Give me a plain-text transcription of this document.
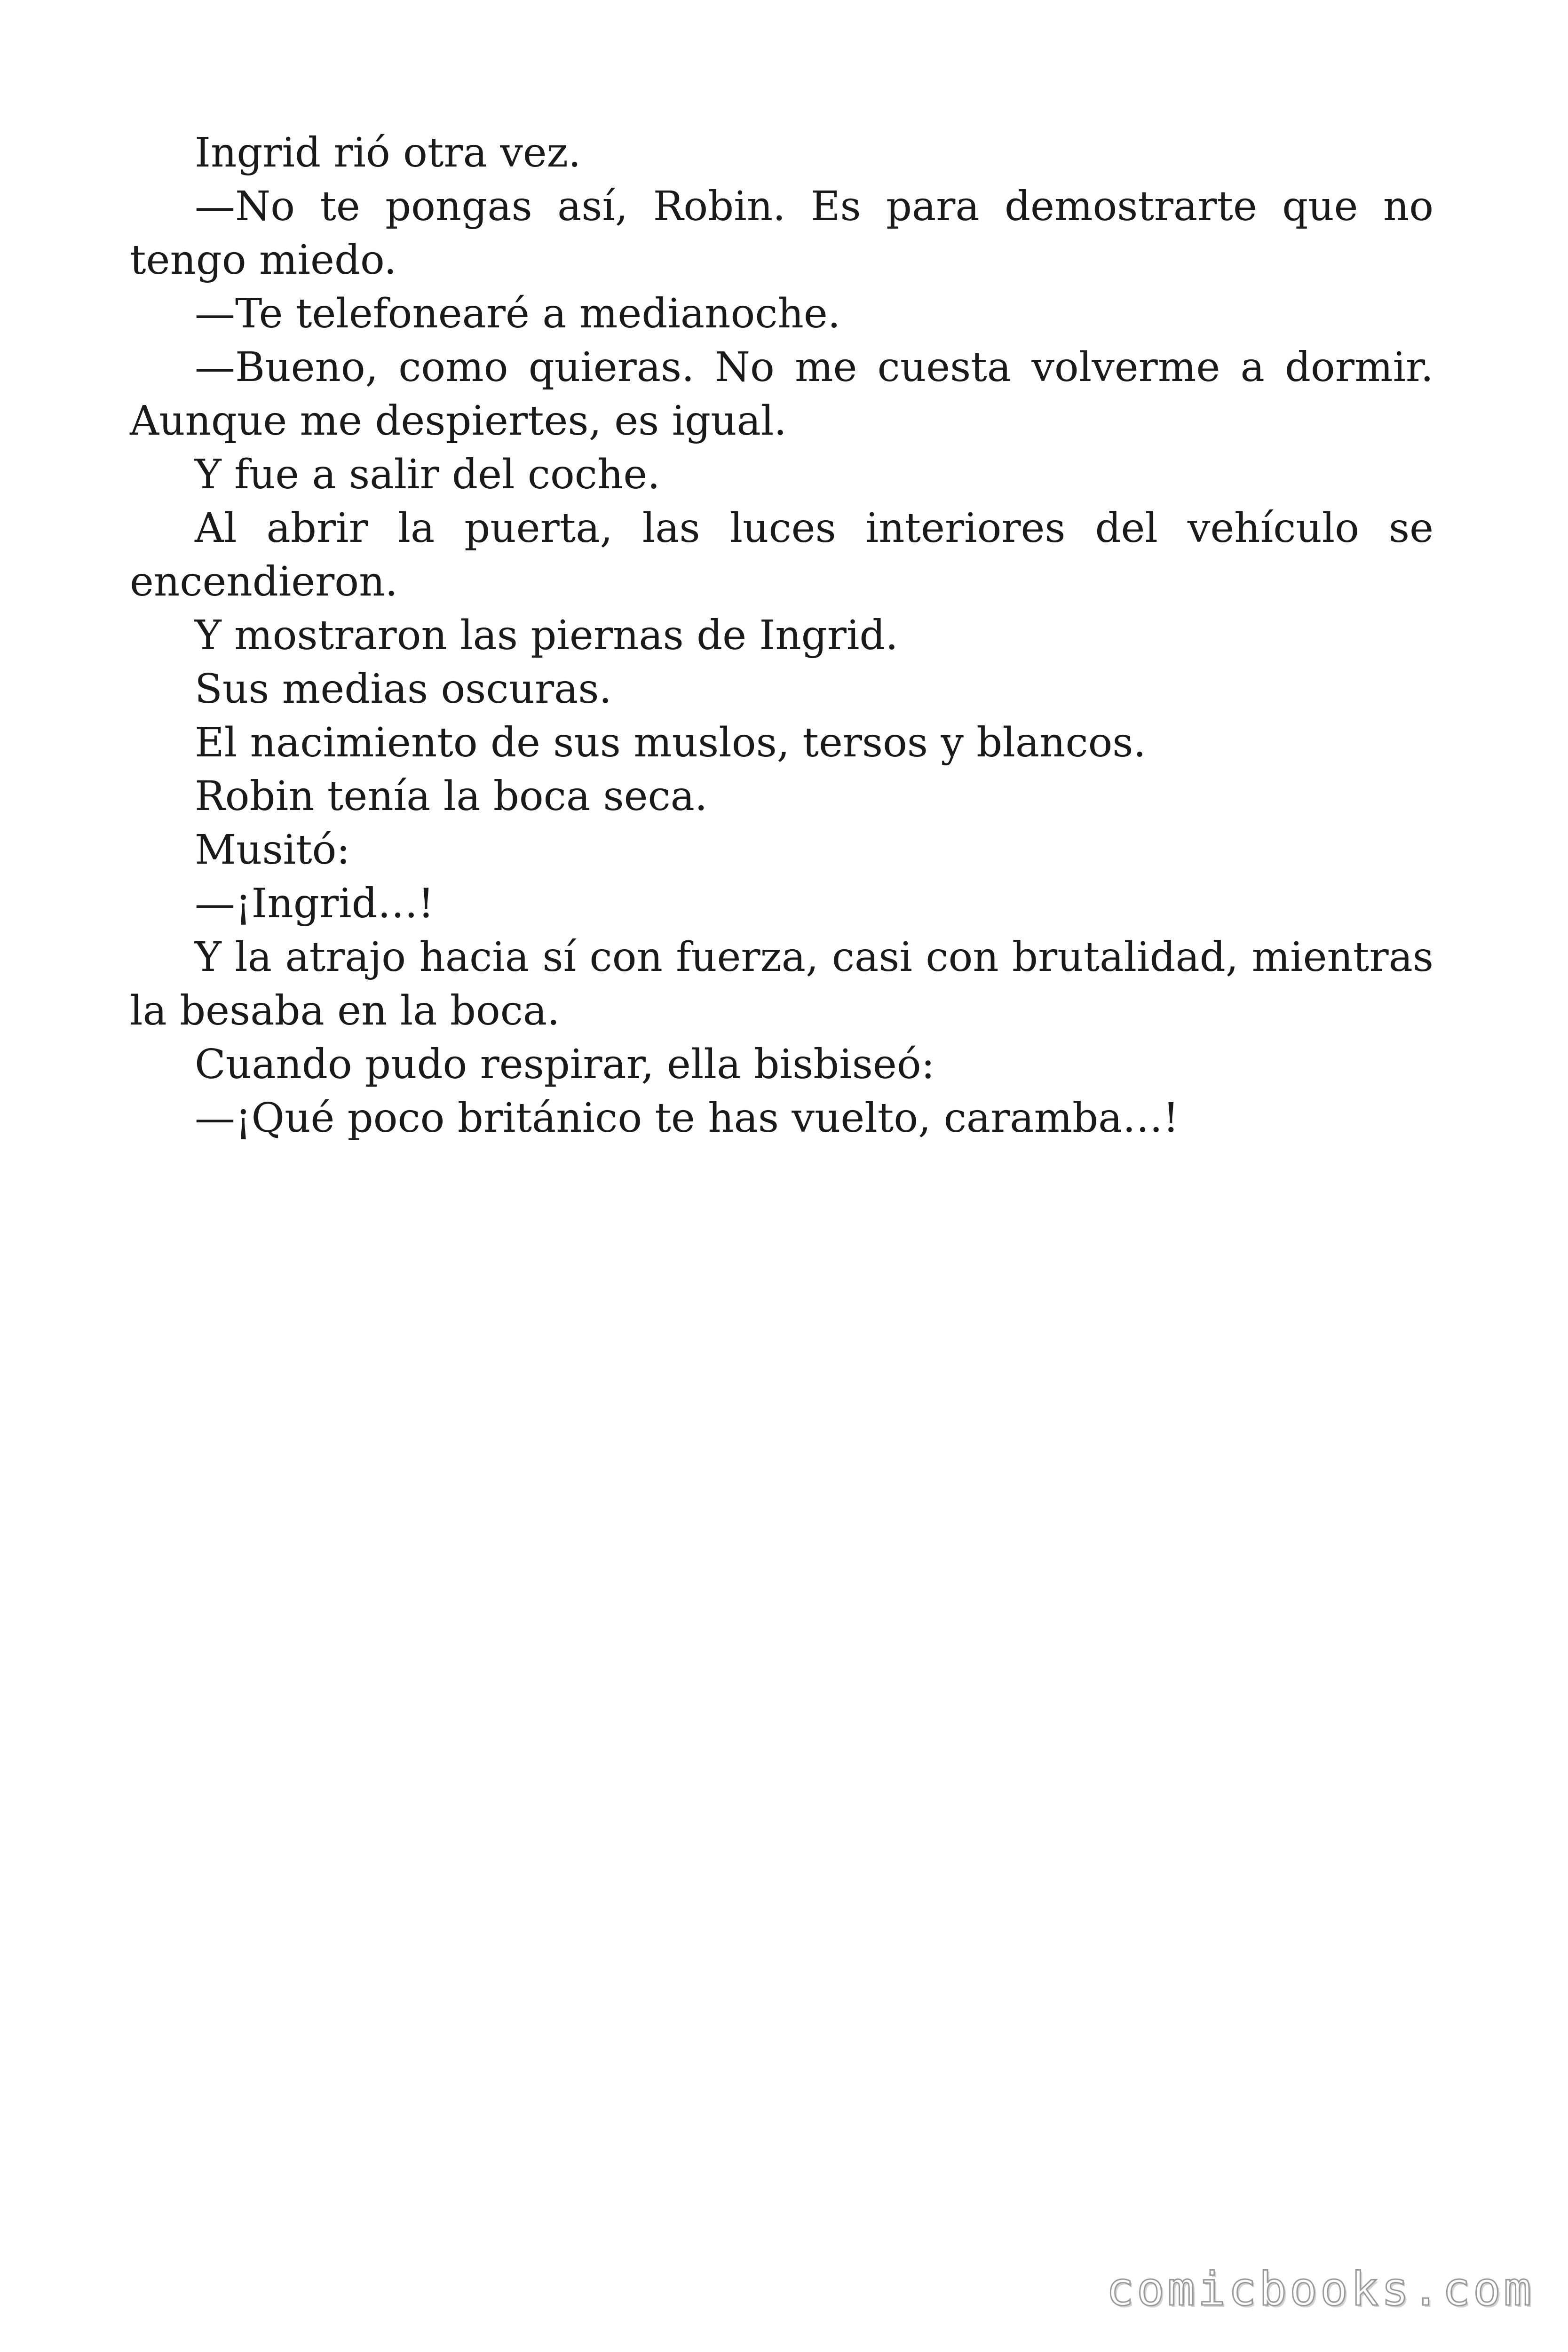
Ingrid rió otra vez.

—No te pongas así, Robin. Es para demostrarte que no tengo miedo.

—Te telefonearé a medianoche.

—Bueno, como quieras. No me cuesta volverme a dormir. Aunque me despiertes, es igual.

Y fue a salir del coche.

Al abrir la puerta, las luces interiores del vehículo se encendieron.

Y mostraron las piernas de Ingrid.

Sus medias oscuras.

El nacimiento de sus muslos, tersos y blancos.

Robin tenía la boca seca.

Musitó:

—¡Ingrid…!

Y la atrajo hacia sí con fuerza, casi con brutalidad, mientras la besaba en la boca.

Cuando pudo respirar, ella bisbiseó:

—¡Qué poco británico te has vuelto, caramba…!

comicbooks.com
